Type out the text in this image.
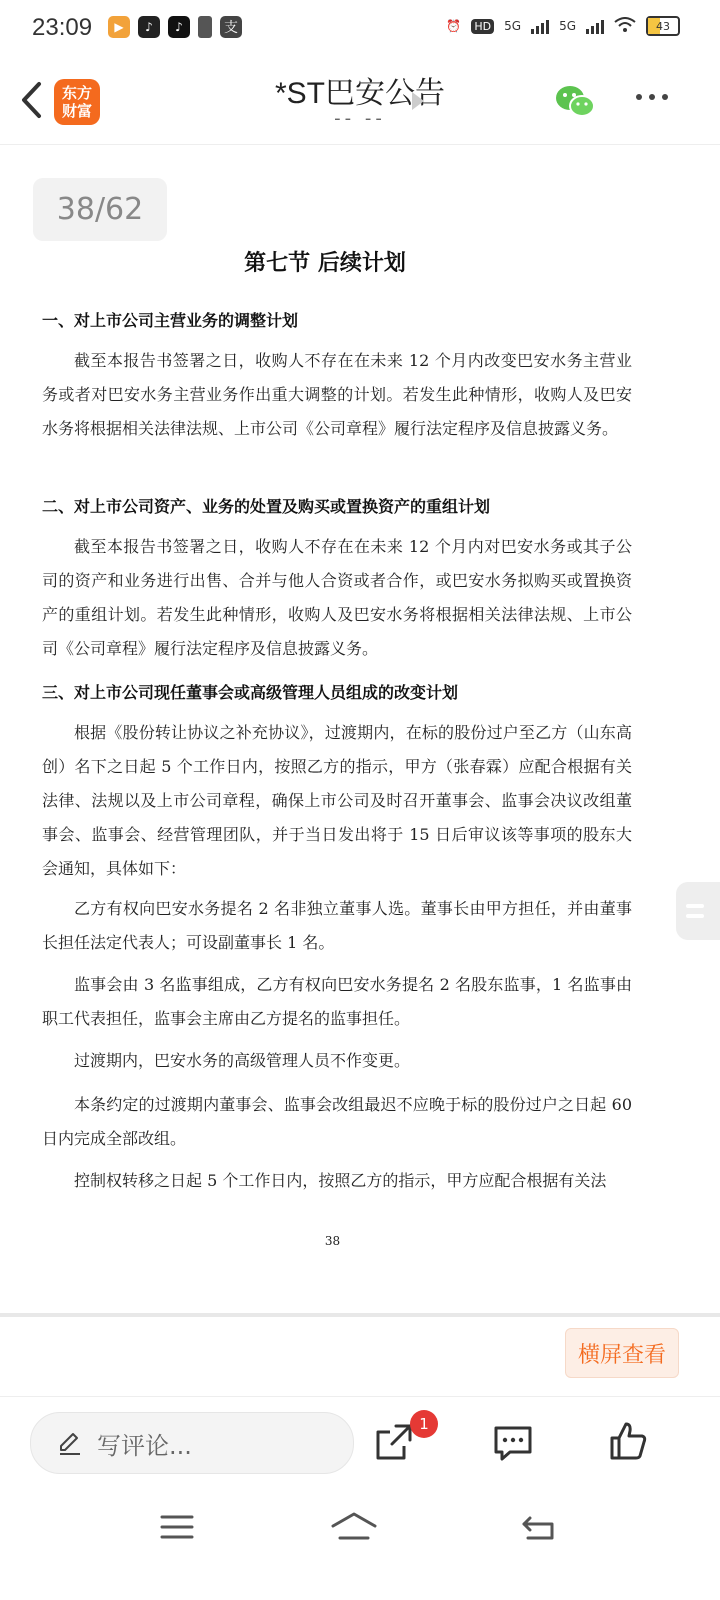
23:09	▶	♪	♪	支	⏰ HD 5G	5G	43
东方
财富
*ST巴安公告
-- --
38/62
第七节 后续计划
一、对上市公司主营业务的调整计划
截至本报告书签署之日，收购人不存在在未来 12 个月内改变巴安水务主营业务或者对巴安水务主营业务作出重大调整的计划。若发生此种情形，收购人及巴安水务将根据相关法律法规、上市公司《公司章程》履行法定程序及信息披露义务。
二、对上市公司资产、业务的处置及购买或置换资产的重组计划
截至本报告书签署之日，收购人不存在在未来 12 个月内对巴安水务或其子公司的资产和业务进行出售、合并与他人合资或者合作，或巴安水务拟购买或置换资产的重组计划。若发生此种情形，收购人及巴安水务将根据相关法律法规、上市公司《公司章程》履行法定程序及信息披露义务。
三、对上市公司现任董事会或高级管理人员组成的改变计划
根据《股份转让协议之补充协议》，过渡期内，在标的股份过户至乙方（山东高创）名下之日起 5 个工作日内，按照乙方的指示，甲方（张春霖）应配合根据有关法律、法规以及上市公司章程，确保上市公司及时召开董事会、监事会决议改组董事会、监事会、经营管理团队，并于当日发出将于 15 日后审议该等事项的股东大会通知，具体如下：
乙方有权向巴安水务提名 2 名非独立董事人选。董事长由甲方担任，并由董事长担任法定代表人；可设副董事长 1 名。
监事会由 3 名监事组成，乙方有权向巴安水务提名 2 名股东监事，1 名监事由职工代表担任，监事会主席由乙方提名的监事担任。
过渡期内，巴安水务的高级管理人员不作变更。
本条约定的过渡期内董事会、监事会改组最迟不应晚于标的股份过户之日起 60 日内完成全部改组。
控制权转移之日起 5 个工作日内，按照乙方的指示，甲方应配合根据有关法
38
横屏查看
写评论...
1
